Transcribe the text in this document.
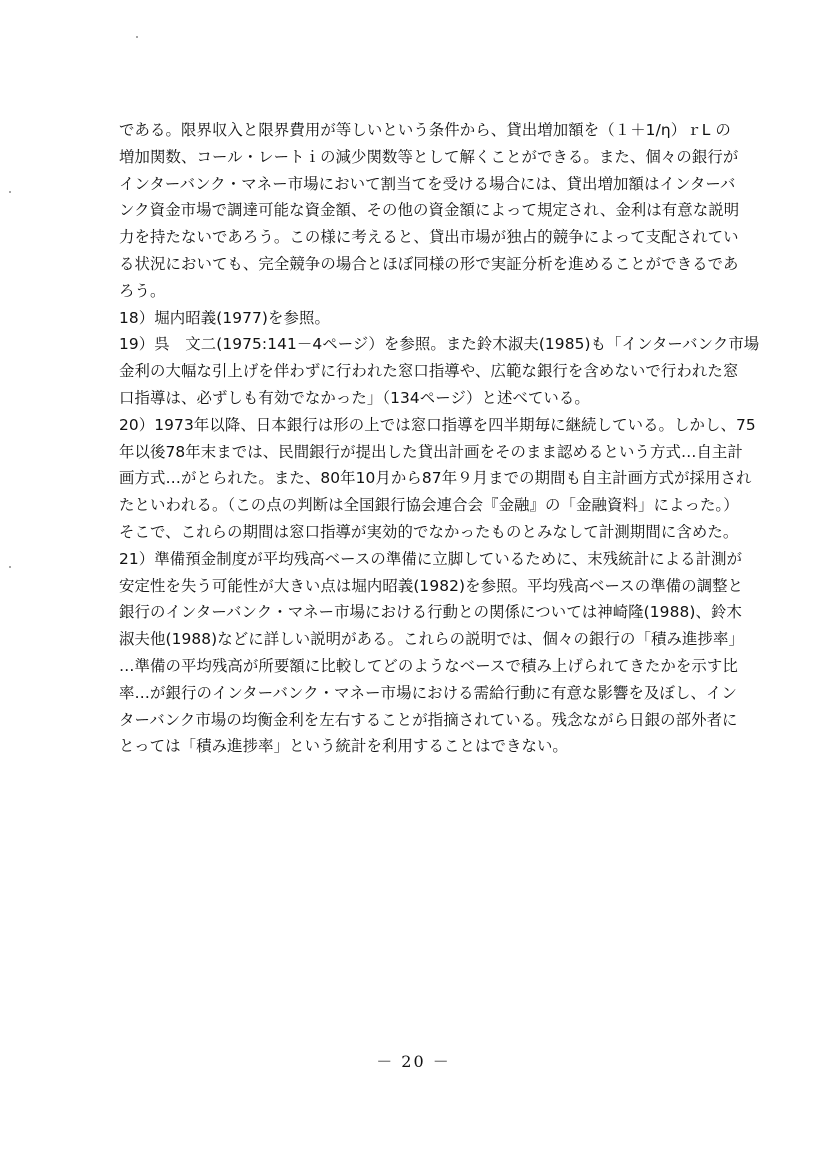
である。限界収入と限界費用が等しいという条件から、貸出増加額を（１＋1/η）ｒL の
増加関数、コール・レートｉの減少関数等として解くことができる。また、個々の銀行が
インターバンク・マネー市場において割当てを受ける場合には、貸出増加額はインターバ
ンク資金市場で調達可能な資金額、その他の資金額によって規定され、金利は有意な説明
力を持たないであろう。この様に考えると、貸出市場が独占的競争によって支配されてい
る状況においても、完全競争の場合とほぼ同様の形で実証分析を進めることができるであ
ろう。
18）堀内昭義(1977)を参照。
19）呉　文二(1975:141－4ページ）を参照。また鈴木淑夫(1985)も「インターバンク市場
金利の大幅な引上げを伴わずに行われた窓口指導や、広範な銀行を含めないで行われた窓
口指導は、必ずしも有効でなかった」（134ページ）と述べている。
20）1973年以降、日本銀行は形の上では窓口指導を四半期毎に継続している。しかし、75
年以後78年末までは、民間銀行が提出した貸出計画をそのまま認めるという方式…自主計
画方式…がとられた。また、80年10月から87年９月までの期間も自主計画方式が採用され
たといわれる。（この点の判断は全国銀行協会連合会『金融』の「金融資料」によった。）
そこで、これらの期間は窓口指導が実効的でなかったものとみなして計測期間に含めた。
21）準備預金制度が平均残高ベースの準備に立脚しているために、末残統計による計測が
安定性を失う可能性が大きい点は堀内昭義(1982)を参照。平均残高ベースの準備の調整と
銀行のインターバンク・マネー市場における行動との関係については神崎隆(1988)、鈴木
淑夫他(1988)などに詳しい説明がある。これらの説明では、個々の銀行の「積み進捗率」
…準備の平均残高が所要額に比較してどのようなベースで積み上げられてきたかを示す比
率…が銀行のインターバンク・マネー市場における需給行動に有意な影響を及ぼし、イン
ターバンク市場の均衡金利を左右することが指摘されている。残念ながら日銀の部外者に
とっては「積み進捗率」という統計を利用することはできない。
－ 20 －
